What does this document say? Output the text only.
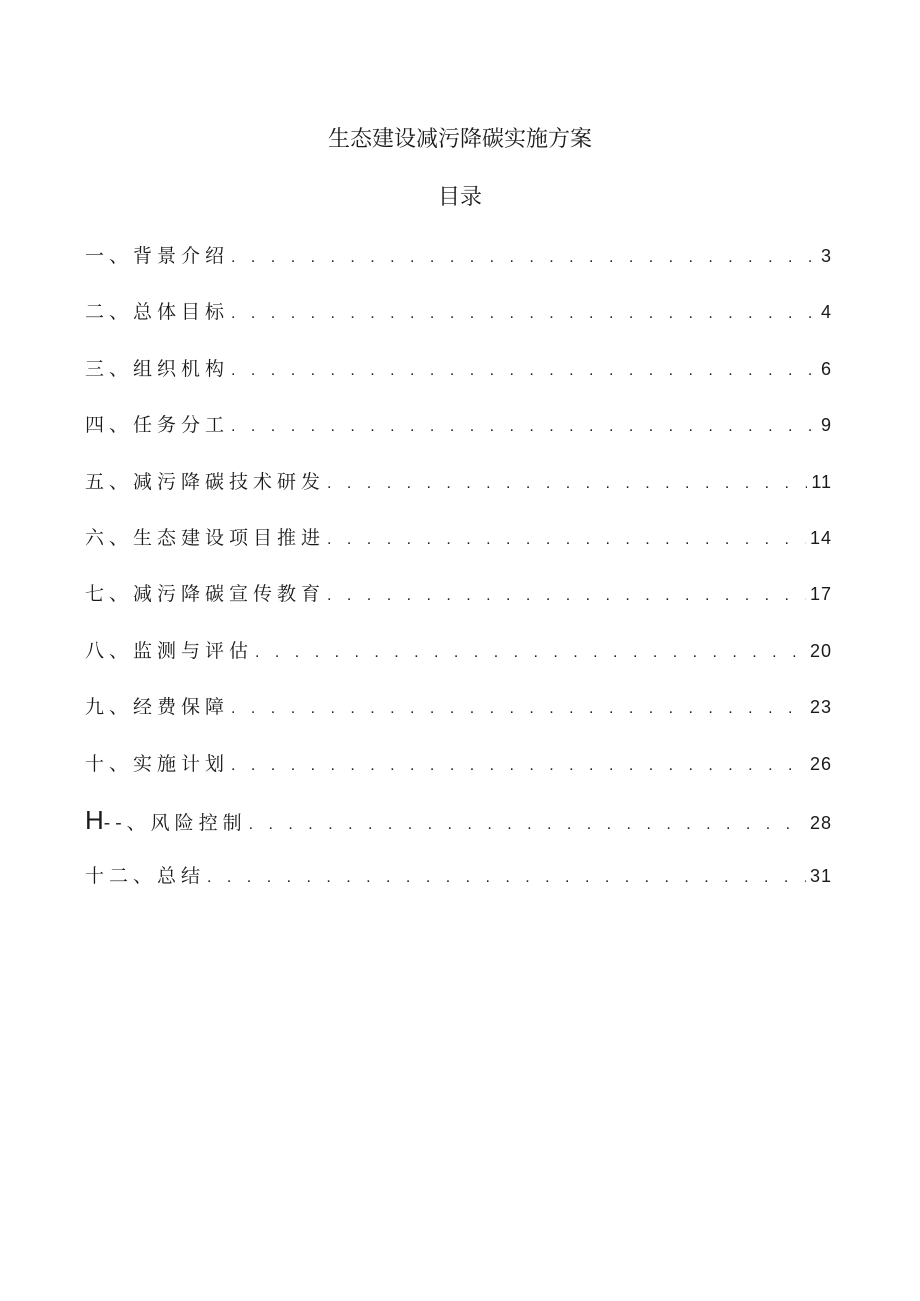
生态建设减污降碳实施方案
目录
一、背景介绍 . . .	3
二、总体目标 . . .	4
三、组织机构 . . .	6
四、任务分工 . . .	9
五、减污降碳技术研发 . . .	11
六、生态建设项目推进 . . .	14
七、减污降碳宣传教育 . . .	17
八、监测与评估 . . .	20
九、经费保障 . . .	23
十、实施计划 . . .	26
H--、风险控制 . . .	28
十二、总结 . . .	31
